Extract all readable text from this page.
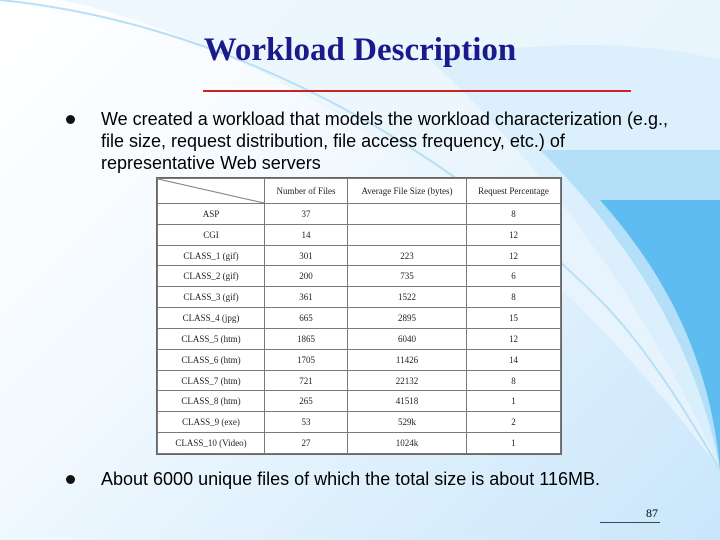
Workload Description
We created a workload that models the workload characterization (e.g., file size, request distribution, file access frequency, etc.) of representative Web servers
	Number of Files	Average File Size (bytes)	Request Percentage
ASP	37		8
CGI	14		12
CLASS_1 (gif)	301	223	12
CLASS_2 (gif)	200	735	6
CLASS_3 (gif)	361	1522	8
CLASS_4 (jpg)	665	2895	15
CLASS_5 (htm)	1865	6040	12
CLASS_6 (htm)	1705	11426	14
CLASS_7 (htm)	721	22132	8
CLASS_8 (htm)	265	41518	1
CLASS_9 (exe)	53	529k	2
CLASS_10 (Video)	27	1024k	1
About 6000 unique files of which the total size is about 116MB.
87
